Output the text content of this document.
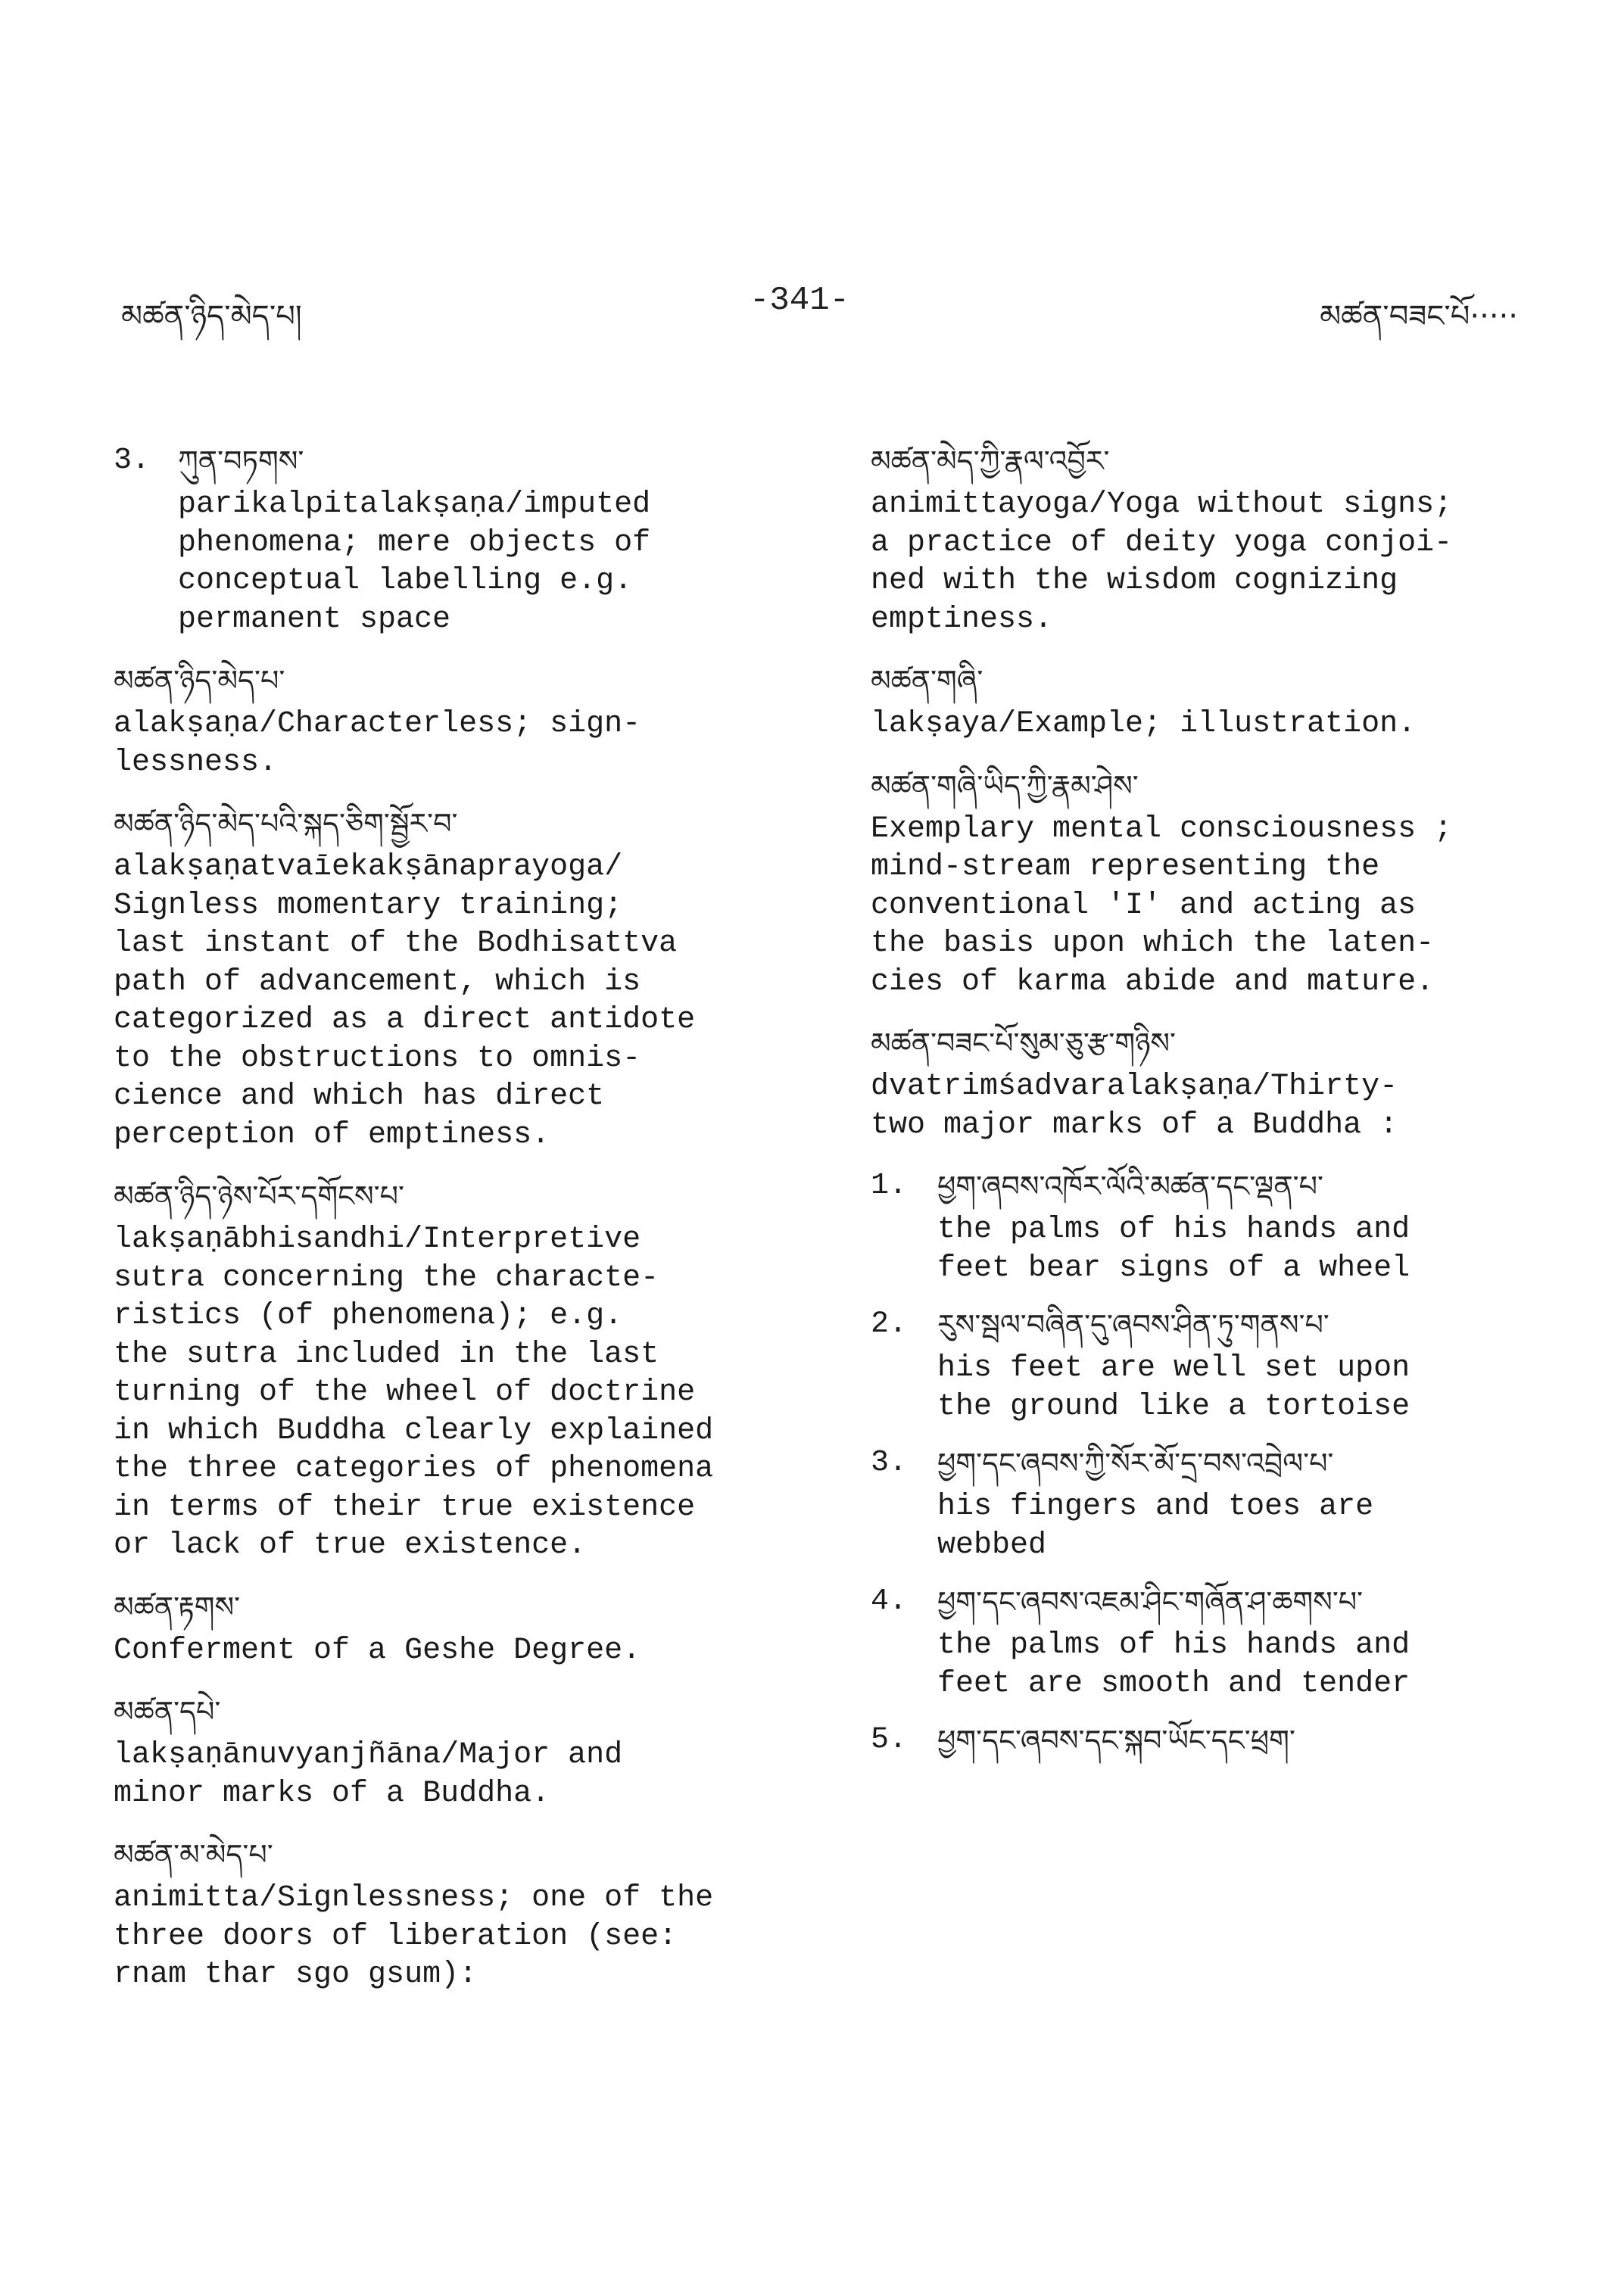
མཚན་ཉིད་མེད་པ།	-341-	མཚན་བཟང་པོ·····
3. ཀུན་བཏགས་

parikalpitalakṣaṇa/imputed
phenomena; mere objects of
conceptual labelling e.g.
permanent space

མཚན་ཉིད་མེད་པ་

alakṣaṇa/Characterless; sign-
lessness.

མཚན་ཉིད་མེད་པའི་སྐད་ཅིག་སྦྱོར་བ་

alakṣaṇatvaīekakṣānaprayoga/
Signless momentary training;
last instant of the Bodhisattva
path of advancement, which is
categorized as a direct antidote
to the obstructions to omnis-
cience and which has direct
perception of emptiness.

མཚན་ཉིད་ཉེས་པོར་དགོངས་པ་

lakṣaṇābhisandhi/Interpretive
sutra concerning the characte-
ristics (of phenomena); e.g.
the sutra included in the last
turning of the wheel of doctrine
in which Buddha clearly explained
the three categories of phenomena
in terms of their true existence
or lack of true existence.

མཚན་རྟགས་

Conferment of a Geshe Degree.

མཚན་དཔེ་

lakṣaṇānuvyanjñāna/Major and
minor marks of a Buddha.

མཚན་མ་མེད་པ་

animitta/Signlessness; one of the
three doors of liberation (see:
rnam thar sgo gsum):

མཚན་མེད་ཀྱི་རྣལ་འབྱོར་

animittayoga/Yoga without signs;
a practice of deity yoga conjoi-
ned with the wisdom cognizing
emptiness.

མཚན་གཞི་

lakṣaya/Example; illustration.

མཚན་གཞི་ཡིད་ཀྱི་རྣམ་ཤེས་

Exemplary mental consciousness ;
mind-stream representing the
conventional 'I' and acting as
the basis upon which the laten-
cies of karma abide and mature.

མཚན་བཟང་པོ་སུམ་ཅུ་རྩ་གཉིས་

dvatrimśadvaralakṣaṇa/Thirty-
two major marks of a Buddha :

1.	ཕྱག་ཞབས་འཁོར་ལོའི་མཚན་དང་ལྡན་པ་

the palms of his hands and
feet bear signs of a wheel

2.	རུས་སྦལ་བཞིན་དུ་ཞབས་ཤིན་ཏུ་གནས་པ་

his feet are well set upon
the ground like a tortoise

3.	ཕྱག་དང་ཞབས་ཀྱི་སོར་མོ་དྲ་བས་འབྲེལ་པ་

his fingers and toes are
webbed

4.	ཕྱག་དང་ཞབས་འཇམ་ཤིང་གཞོན་ཤ་ཆགས་པ་

the palms of his hands and
feet are smooth and tender

5.	ཕྱག་དང་ཞབས་དང་སྐབ་ཡོང་དང་ཕྲག་
